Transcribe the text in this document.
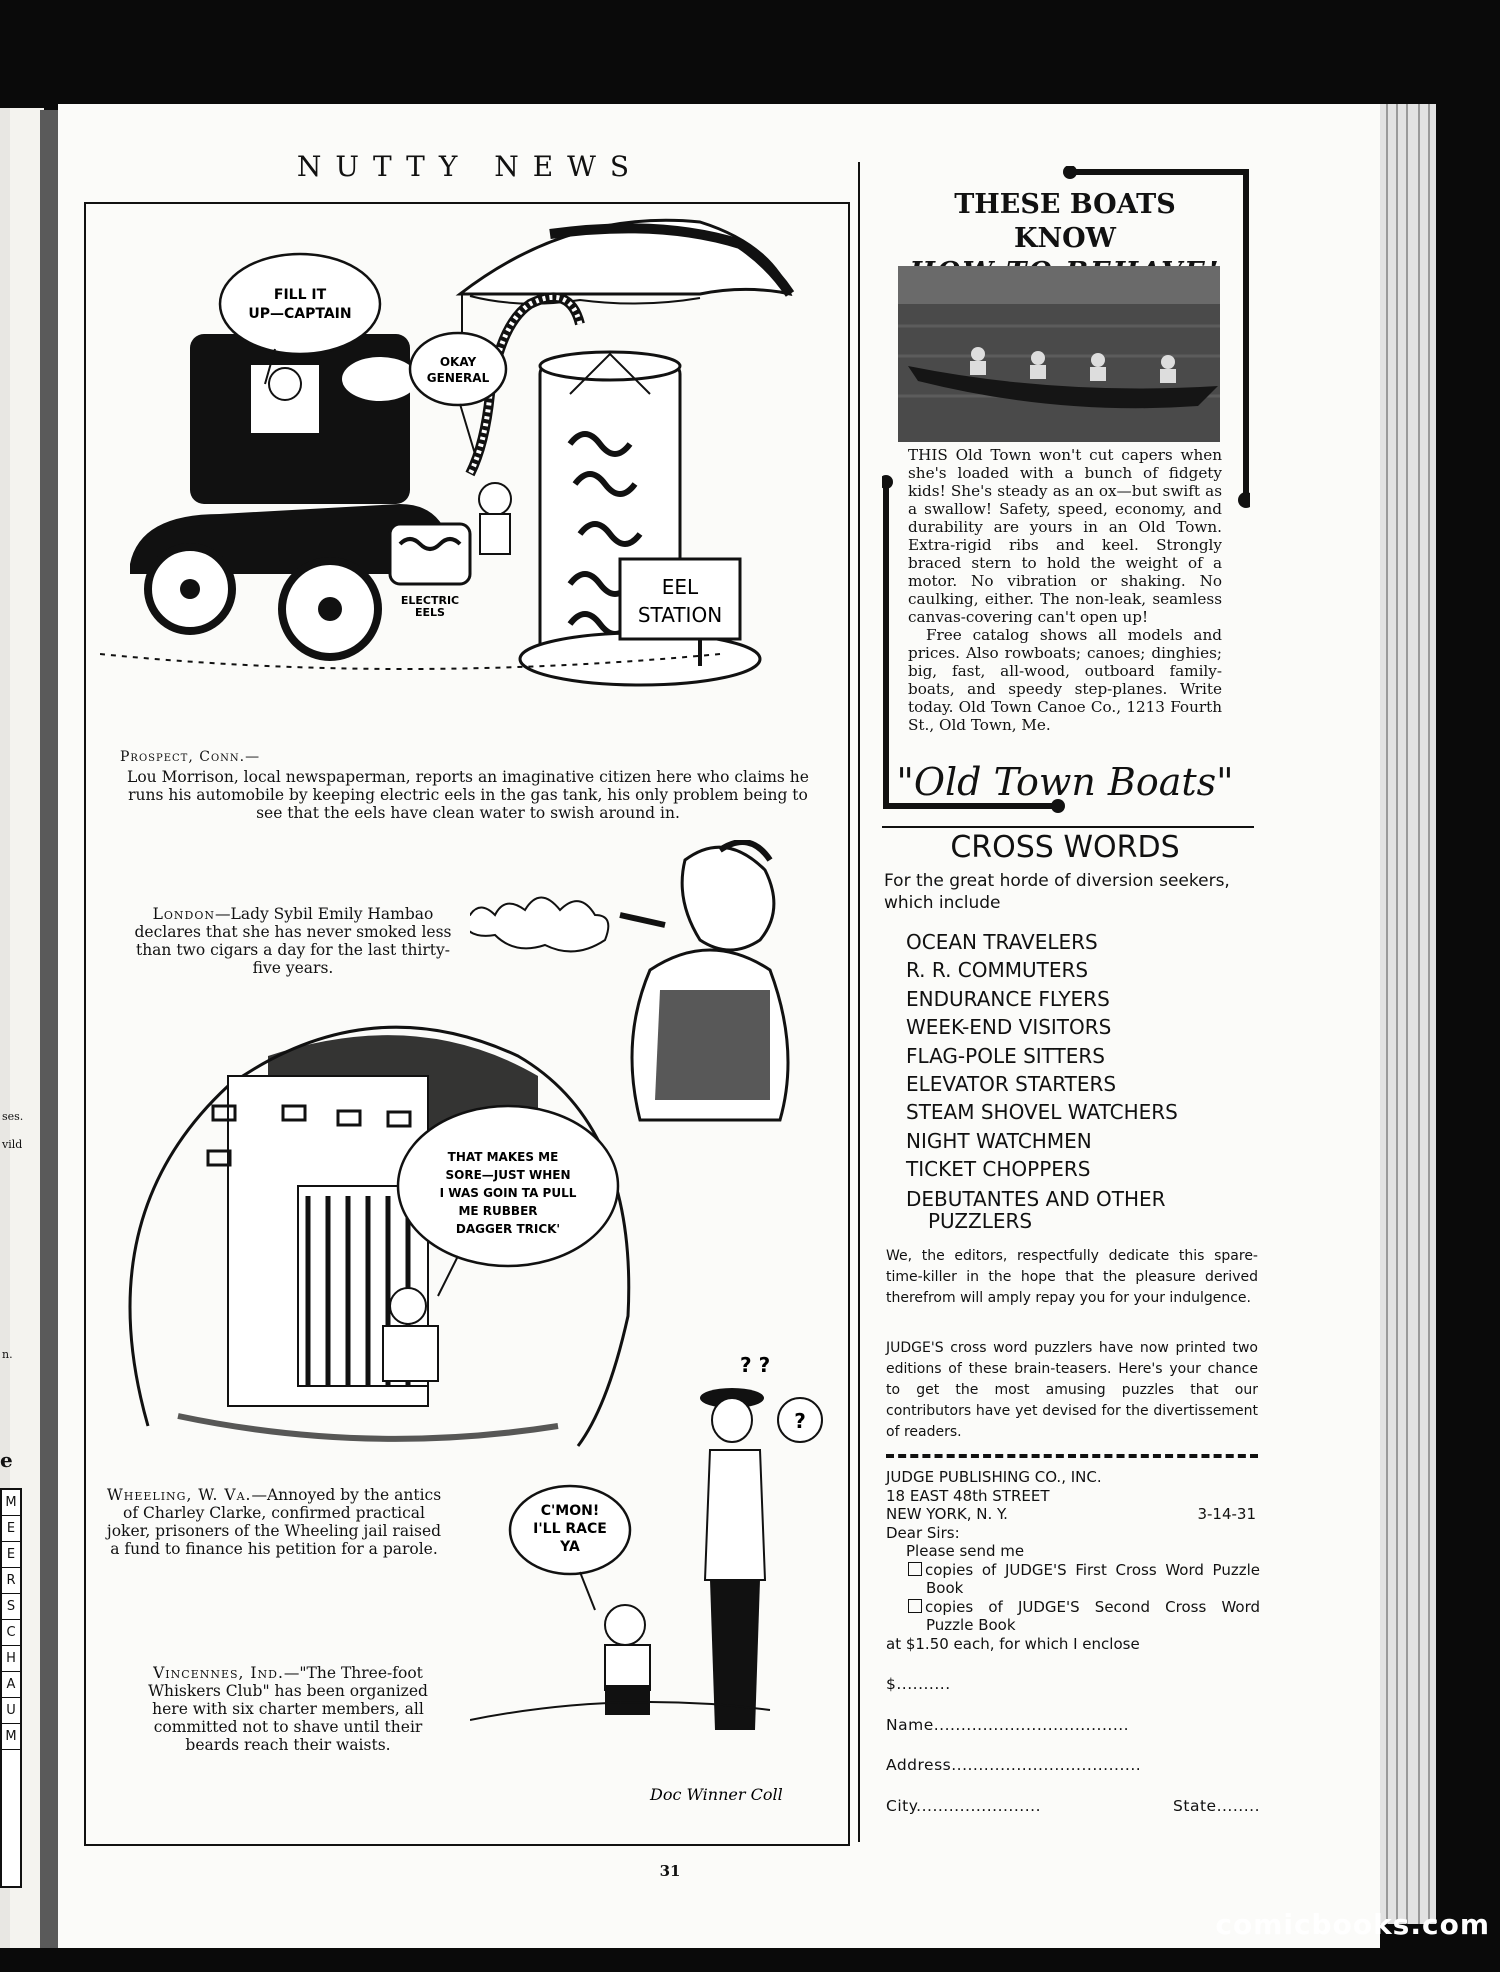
ses.
vild
n.
e
M
E
E
R
S
C
H
A
U
M
NUTTY NEWS
EEL
STATION
ELECTRIC
EELS
FILL IT
UP—CAPTAIN
OKAY
GENERAL
Prospect, Conn.—
Lou Morrison, local newspaperman, reports an imaginative citizen here who claims he runs his automobile by keeping electric eels in the gas tank, his only problem being to see that the eels have clean water to swish around in.
London—Lady Sybil Emily Hambao declares that she has never smoked less than two cigars a day for the last thirty-five years.
THAT MAKES ME
SORE—JUST WHEN
I WAS GOIN TA PULL
ME RUBBER
DAGGER TRICK'
Wheeling, W. Va.—Annoyed by the antics of Charley Clarke, confirmed practical joker, prisoners of the Wheeling jail raised a fund to finance his petition for a parole.
? ?
?
C'MON!
I'LL RACE
YA
Doc Winner Coll
Vincennes, Ind.—"The Three-foot Whiskers Club" has been organized here with six charter members, all committed not to shave until their beards reach their waists.
THESE BOATS KNOW

THIS Old Town won't cut capers when she's loaded with a bunch of fidgety kids! She's steady as an ox—but swift as a swallow! Safety, speed, economy, and durability are yours in an Old Town. Extra-rigid ribs and keel. Strongly braced stern to hold the weight of a motor. No vibration or shaking. No caulking, either. The non-leak, seamless canvas-covering can't open up!

Free catalog shows all models and prices. Also rowboats; canoes; dinghies; big, fast, all-wood, outboard family-boats, and speedy step-planes. Write today. Old Town Canoe Co., 1213 Fourth St., Old Town, Me.

"Old Town Boats"
CROSS WORDS
For the great horde of diversion seekers, which include
OCEAN TRAVELERS
R. R. COMMUTERS
ENDURANCE FLYERS
WEEK-END VISITORS
FLAG-POLE SITTERS
ELEVATOR STARTERS
STEAM SHOVEL WATCHERS
NIGHT WATCHMEN
TICKET CHOPPERS
DEBUTANTES AND OTHER
PUZZLERS
We, the editors, respectfully dedicate this spare-time-killer in the hope that the pleasure derived therefrom will amply repay you for your indulgence.
JUDGE'S cross word puzzlers have now printed two editions of these brain-teasers. Here's your chance to get the most amusing puzzles that our contributors have yet devised for the divertissement of readers.
JUDGE PUBLISHING CO., INC.
18 EAST 48th STREET
NEW YORK, N. Y.	3-14-31
Dear Sirs:
Please send me
copies of JUDGE'S First Cross Word Puzzle Book
copies of JUDGE'S Second Cross Word Puzzle Book
at $1.50 each, for which I enclose
$..........
Name....................................
Address...................................
City.......................	State........
31
comicbooks.com
